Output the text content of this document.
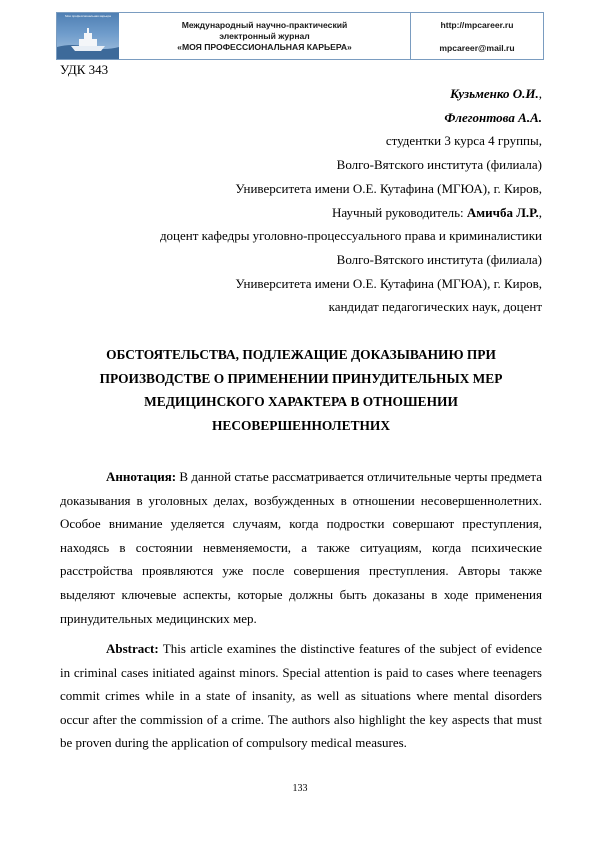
Моя профессиональная карьера
Международный научно-практический
электронный журнал
«МОЯ ПРОФЕССИОНАЛЬНАЯ КАРЬЕРА»
http://mpcareer.ru
mpcareer@mail.ru
УДК 343
Кузьменко О.И.,
Флегонтова А.А.
студентки 3 курса 4 группы,
Волго-Вятского института (филиала)
Университета имени О.Е. Кутафина (МГЮА), г. Киров,
Научный руководитель: Амичба Л.Р.,
доцент кафедры уголовно-процессуального права и криминалистики
Волго-Вятского института (филиала)
Университета имени О.Е. Кутафина (МГЮА), г. Киров,
кандидат педагогических наук, доцент
ОБСТОЯТЕЛЬСТВА, ПОДЛЕЖАЩИЕ ДОКАЗЫВАНИЮ ПРИ
ПРОИЗВОДСТВЕ О ПРИМЕНЕНИИ ПРИНУДИТЕЛЬНЫХ МЕР
МЕДИЦИНСКОГО ХАРАКТЕРА В ОТНОШЕНИИ
НЕСОВЕРШЕННОЛЕТНИХ
Аннотация: В данной статье рассматривается отличительные черты предмета доказывания в уголовных делах, возбужденных в отношении несовершеннолетних. Особое внимание уделяется случаям, когда подростки совершают преступления, находясь в состоянии невменяемости, а также ситуациям, когда психические расстройства проявляются уже после совершения преступления. Авторы также выделяют ключевые аспекты, которые должны быть доказаны в ходе применения принудительных медицинских мер.
Abstract: This article examines the distinctive features of the subject of evidence in criminal cases initiated against minors. Special attention is paid to cases where teenagers commit crimes while in a state of insanity, as well as situations where mental disorders occur after the commission of a crime. The authors also highlight the key aspects that must be proven during the application of compulsory medical measures.
133
